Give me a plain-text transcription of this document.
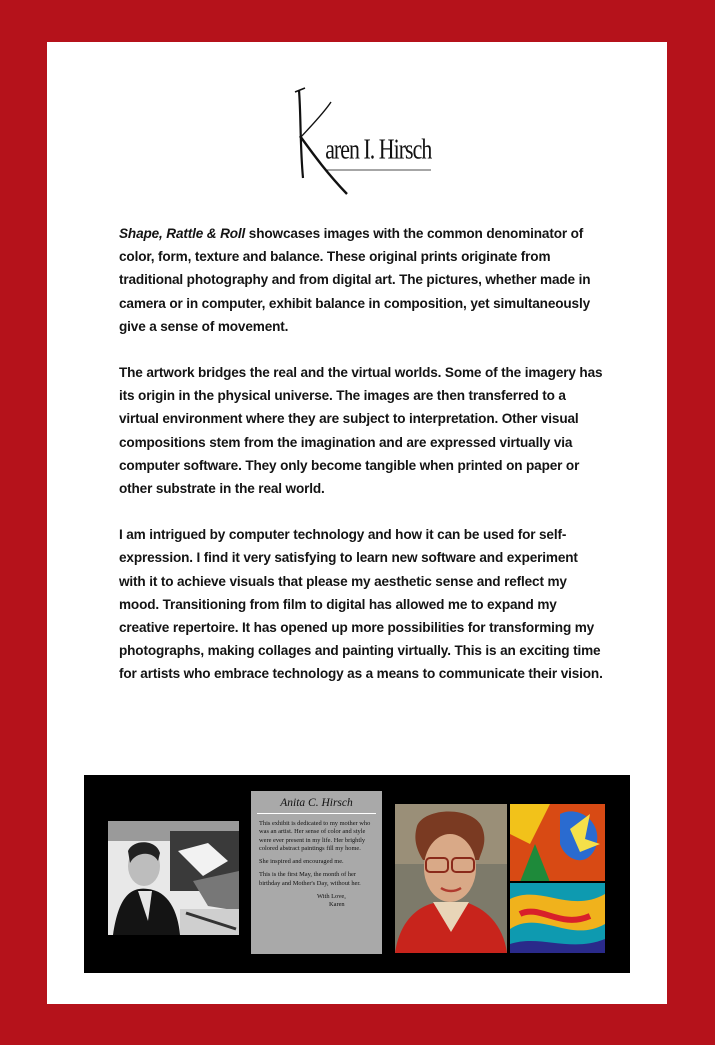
aren I. Hirsch

Shape, Rattle & Roll showcases images with the common denominator of color, form, texture and balance. These original prints originate from traditional photography and from digital art. The pictures, whether made in camera or in computer, exhibit balance in composition, yet simultaneously give a sense of movement.

The artwork bridges the real and the virtual worlds. Some of the imagery has its origin in the physical universe. The images are then transferred to a virtual environment where they are subject to interpretation. Other visual compositions stem from the imagination and are expressed virtually via computer software. They only become tangible when printed on paper or other substrate in the real world.

I am intrigued by computer technology and how it can be used for self-expression. I find it very satisfying to learn new software and experiment with it to achieve visuals that please my aesthetic sense and reflect my mood. Transitioning from film to digital has allowed me to expand my creative repertoire. It has opened up more possibilities for transforming my photographs, making collages and painting virtually. This is an exciting time for artists who embrace technology as a means to communicate their vision.

Anita C. Hirsch

This exhibit is dedicated to my mother who was an artist. Her sense of color and style were ever present in my life. Her brightly colored abstract paintings fill my home.

She inspired and encouraged me.

This is the first May, the month of her birthday and Mother's Day, without her.

With Love,
Karen
